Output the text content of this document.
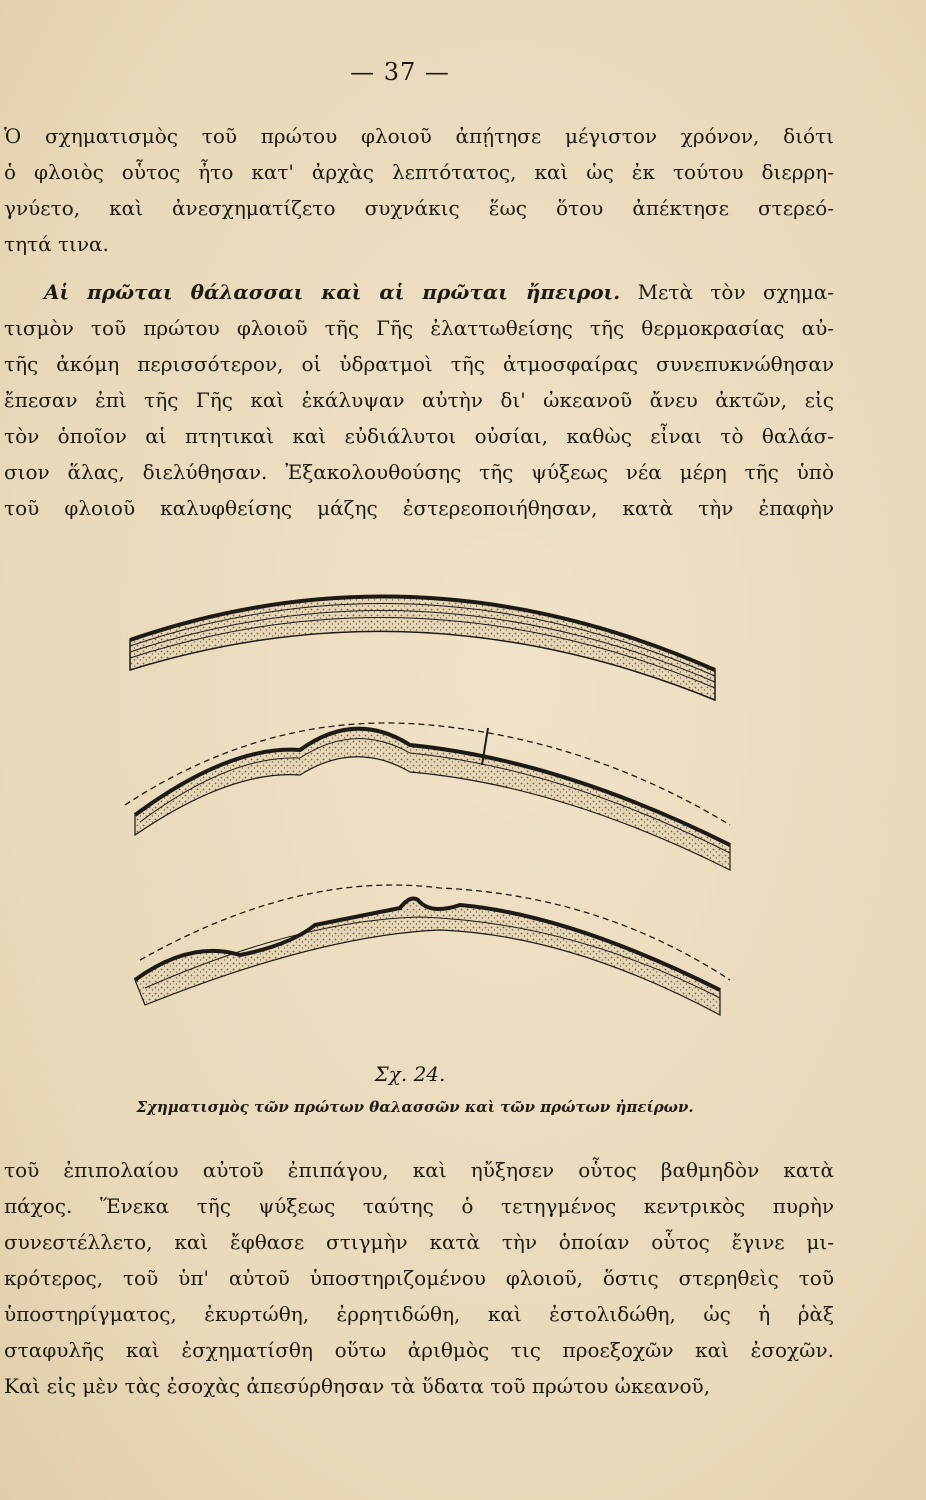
— 37 —
Ὁ σχηματισμὸς τοῦ πρώτου φλοιοῦ ἀπῄτησε μέγιστον χρόνον, διότι
ὁ φλοιὸς οὗτος ἦτο κατ' ἀρχὰς λεπτότατος, καὶ ὡς ἐκ τούτου διερρη-
γνύετο, καὶ ἀνεσχηματίζετο συχνάκις ἕως ὅτου ἀπέκτησε στερεό-
τητά τινα.
Αἱ πρῶται θάλασσαι καὶ αἱ πρῶται ἤπειροι. Μετὰ τὸν σχημα-
τισμὸν τοῦ πρώτου φλοιοῦ τῆς Γῆς ἐλαττωθείσης τῆς θερμοκρασίας αὐ-
τῆς ἀκόμη περισσότερον, οἱ ὑδρατμοὶ τῆς ἀτμοσφαίρας συνεπυκνώθησαν
ἔπεσαν ἐπὶ τῆς Γῆς καὶ ἐκάλυψαν αὐτὴν δι' ὠκεανοῦ ἄνευ ἀκτῶν, εἰς
τὸν ὁποῖον αἱ πτητικαὶ καὶ εὐδιάλυτοι οὐσίαι, καθὼς εἶναι τὸ θαλάσ-
σιον ἅλας, διελύθησαν. Ἐξακολουθούσης τῆς ψύξεως νέα μέρη τῆς ὑπὸ
τοῦ φλοιοῦ καλυφθείσης μάζης ἐστερεοποιήθησαν, κατὰ τὴν ἐπαφὴν
Σχ. 24.
Σχηματισμὸς τῶν πρώτων θαλασσῶν καὶ τῶν πρώτων ἠπείρων.
τοῦ ἐπιπολαίου αὐτοῦ ἐπιπάγου, καὶ ηὔξησεν οὗτος βαθμηδὸν κατὰ
πάχος. Ἕνεκα τῆς ψύξεως ταύτης ὁ τετηγμένος κεντρικὸς πυρὴν
συνεστέλλετο, καὶ ἔφθασε στιγμὴν κατὰ τὴν ὁποίαν οὗτος ἔγινε μι-
κρότερος, τοῦ ὑπ' αὐτοῦ ὑποστηριζομένου φλοιοῦ, ὅστις στερηθεὶς τοῦ
ὑποστηρίγματος, ἐκυρτώθη, ἐρρητιδώθη, καὶ ἐστολιδώθη, ὡς ἡ ῥὰξ
σταφυλῆς καὶ ἐσχηματίσθη οὕτω ἀριθμὸς τις προεξοχῶν καὶ ἐσοχῶν.
Καὶ εἰς μὲν τὰς ἐσοχὰς ἀπεσύρθησαν τὰ ὕδατα τοῦ πρώτου ὠκεανοῦ,
